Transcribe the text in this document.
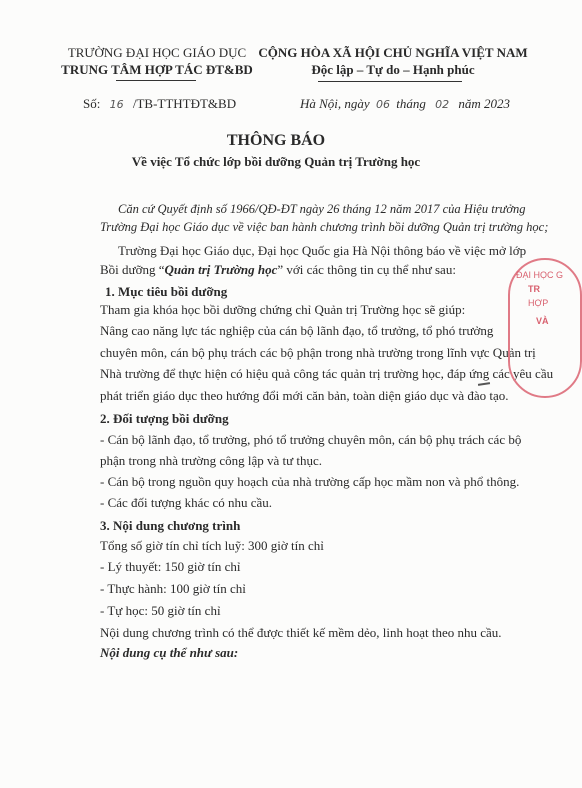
TRƯỜNG ĐẠI HỌC GIÁO DỤC
TRUNG TÂM HỢP TÁC ĐT&BD
CỘNG HÒA XÃ HỘI CHỦ NGHĨA VIỆT NAM
Độc lập – Tự do – Hạnh phúc
Số: 16 /TB-TTHTĐT&BD	Hà Nội, ngày 06 tháng 02 năm 2023
THÔNG BÁO
Về việc Tổ chức lớp bồi dưỡng Quản trị Trường học
Căn cứ Quyết định số 1966/QĐ-ĐT ngày 26 tháng 12 năm 2017 của Hiệu trưởng
Trường Đại học Giáo dục về việc ban hành chương trình bồi dưỡng Quản trị trường học;
Trường Đại học Giáo dục, Đại học Quốc gia Hà Nội thông báo về việc mở lớp
Bồi dưỡng “Quản trị Trường học” với các thông tin cụ thể như sau:
1. Mục tiêu bồi dưỡng
Tham gia khóa học bồi dưỡng chứng chỉ Quản trị Trường học sẽ giúp:
Nâng cao năng lực tác nghiệp của cán bộ lãnh đạo, tổ trưởng, tổ phó trưởng
chuyên môn, cán bộ phụ trách các bộ phận trong nhà trường trong lĩnh vực Quản trị
Nhà trường để thực hiện có hiệu quả công tác quản trị trường học, đáp ứng các yêu cầu
phát triển giáo dục theo hướng đổi mới căn bản, toàn diện giáo dục và đào tạo.
2. Đối tượng bồi dưỡng
- Cán bộ lãnh đạo, tổ trưởng, phó tổ trưởng chuyên môn, cán bộ phụ trách các bộ
phận trong nhà trường công lập và tư thục.
- Cán bộ trong nguồn quy hoạch của nhà trường cấp học mầm non và phổ thông.
- Các đối tượng khác có nhu cầu.
3. Nội dung chương trình
Tổng số giờ tín chỉ tích luỹ: 300 giờ tín chỉ
- Lý thuyết: 150 giờ tín chỉ
- Thực hành: 100 giờ tín chỉ
- Tự học: 50 giờ tín chỉ
Nội dung chương trình có thể được thiết kế mềm dẻo, linh hoạt theo nhu cầu.
Nội dung cụ thể như sau:
ĐẠI HỌC G
TR
HỢP
VÀ
